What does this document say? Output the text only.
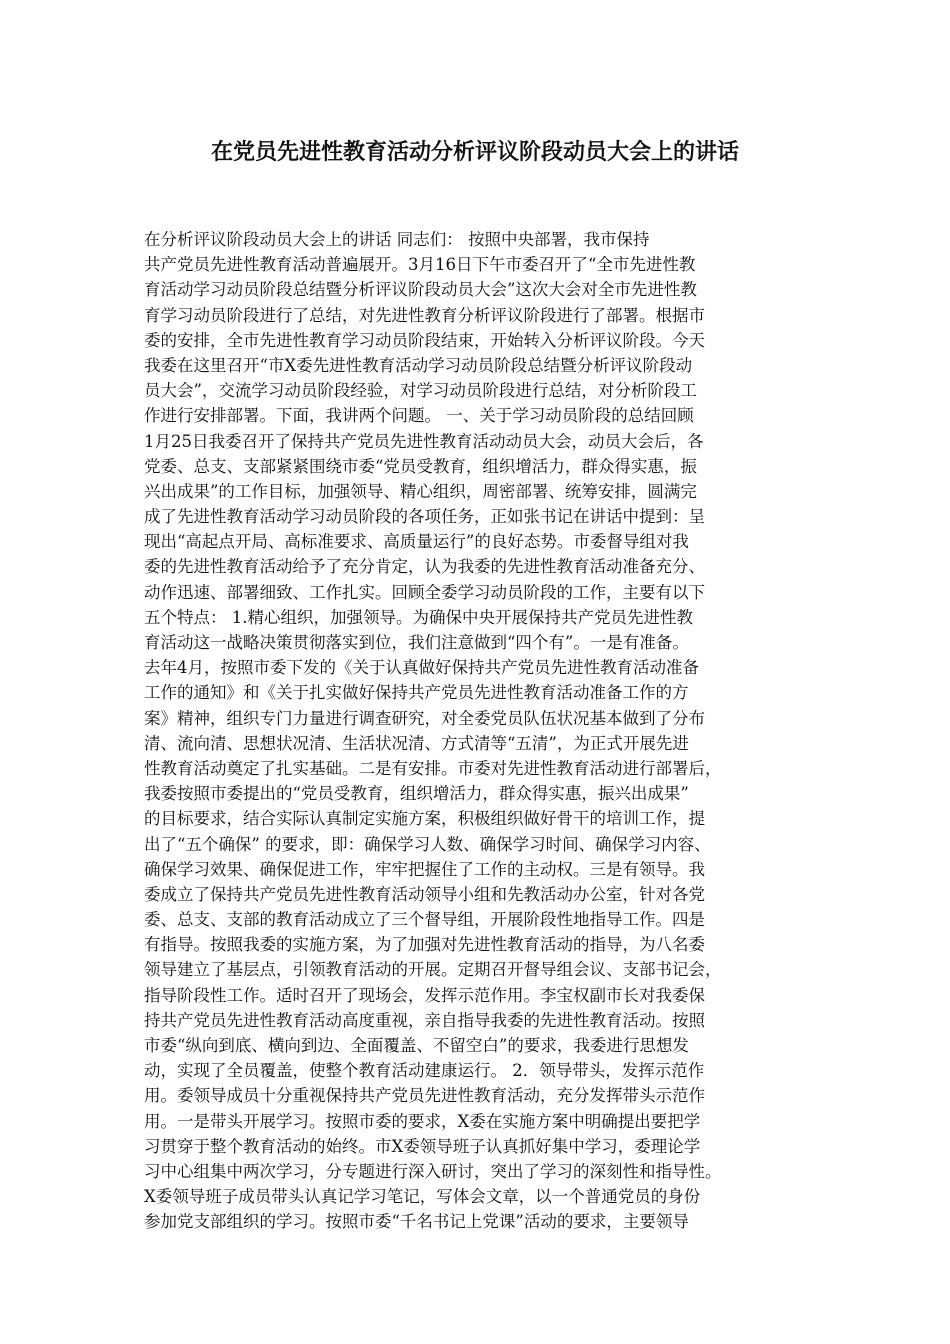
在党员先进性教育活动分析评议阶段动员大会上的讲话
在分析评议阶段动员大会上的讲话 同志们： 按照中央部署，我市保持
共产党员先进性教育活动普遍展开。3月16日下午市委召开了“全市先进性教
育活动学习动员阶段总结暨分析评议阶段动员大会”这次大会对全市先进性教
育学习动员阶段进行了总结，对先进性教育分析评议阶段进行了部署。根据市
委的安排，全市先进性教育学习动员阶段结束，开始转入分析评议阶段。今天
我委在这里召开“市X委先进性教育活动学习动员阶段总结暨分析评议阶段动
员大会”，交流学习动员阶段经验，对学习动员阶段进行总结，对分析阶段工
作进行安排部署。下面，我讲两个问题。 一、关于学习动员阶段的总结回顾
1月25日我委召开了保持共产党员先进性教育活动动员大会，动员大会后，各
党委、总支、支部紧紧围绕市委“党员受教育，组织增活力，群众得实惠，振
兴出成果”的工作目标，加强领导、精心组织，周密部署、统筹安排，圆满完
成了先进性教育活动学习动员阶段的各项任务，正如张书记在讲话中提到：呈
现出“高起点开局、高标准要求、高质量运行”的良好态势。市委督导组对我
委的先进性教育活动给予了充分肯定，认为我委的先进性教育活动准备充分、
动作迅速、部署细致、工作扎实。回顾全委学习动员阶段的工作，主要有以下
五个特点： 1.精心组织，加强领导。为确保中央开展保持共产党员先进性教
育活动这一战略决策贯彻落实到位，我们注意做到“四个有”。一是有准备。
去年4月，按照市委下发的《关于认真做好保持共产党员先进性教育活动准备
工作的通知》和《关于扎实做好保持共产党员先进性教育活动准备工作的方
案》精神，组织专门力量进行调查研究，对全委党员队伍状况基本做到了分布
清、流向清、思想状况清、生活状况清、方式清等“五清”，为正式开展先进
性教育活动奠定了扎实基础。二是有安排。市委对先进性教育活动进行部署后，
我委按照市委提出的“党员受教育，组织增活力，群众得实惠，振兴出成果”
的目标要求，结合实际认真制定实施方案，积极组织做好骨干的培训工作，提
出了“五个确保” 的要求，即：确保学习人数、确保学习时间、确保学习内容、
确保学习效果、确保促进工作，牢牢把握住了工作的主动权。三是有领导。我
委成立了保持共产党员先进性教育活动领导小组和先教活动办公室，针对各党
委、总支、支部的教育活动成立了三个督导组，开展阶段性地指导工作。四是
有指导。按照我委的实施方案，为了加强对先进性教育活动的指导，为八名委
领导建立了基层点，引领教育活动的开展。定期召开督导组会议、支部书记会，
指导阶段性工作。适时召开了现场会，发挥示范作用。李宝权副市长对我委保
持共产党员先进性教育活动高度重视，亲自指导我委的先进性教育活动。按照
市委“纵向到底、横向到边、全面覆盖、不留空白”的要求，我委进行思想发
动，实现了全员覆盖，使整个教育活动建康运行。 2．领导带头，发挥示范作
用。委领导成员十分重视保持共产党员先进性教育活动，充分发挥带头示范作
用。一是带头开展学习。按照市委的要求，X委在实施方案中明确提出要把学
习贯穿于整个教育活动的始终。市X委领导班子认真抓好集中学习，委理论学
习中心组集中两次学习，分专题进行深入研讨，突出了学习的深刻性和指导性。
X委领导班子成员带头认真记学习笔记，写体会文章，以一个普通党员的身份
参加党支部组织的学习。按照市委“千名书记上党课”活动的要求，主要领导
